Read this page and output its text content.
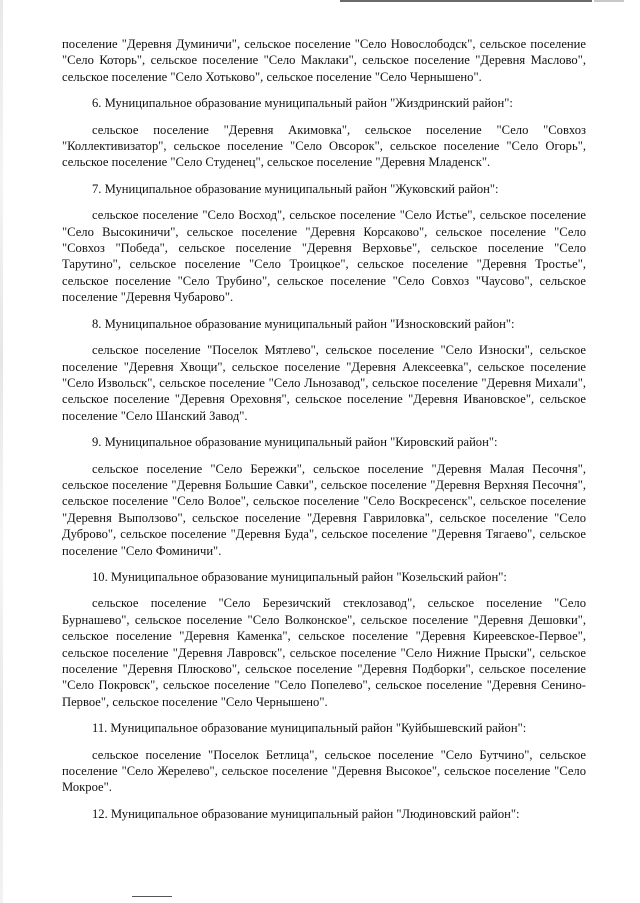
поселение "Деревня Думиничи", сельское поселение "Село Новослободск", сельское поселение "Село Которь", сельское поселение "Село Маклаки", сельское поселение "Деревня Маслово", сельское поселение "Село Хотьково", сельское поселение "Село Чернышено".

6. Муниципальное образование муниципальный район "Жиздринский район":

сельское поселение "Деревня Акимовка", сельское поселение "Село "Совхоз "Коллективизатор", сельское поселение "Село Овсорок", сельское поселение "Село Огорь", сельское поселение "Село Студенец", сельское поселение "Деревня Младенск".

7. Муниципальное образование муниципальный район "Жуковский район":

сельское поселение "Село Восход", сельское поселение "Село Истье", сельское поселение "Село Высокиничи", сельское поселение "Деревня Корсаково", сельское поселение "Село "Совхоз "Победа", сельское поселение "Деревня Верховье", сельское поселение "Село Тарутино", сельское поселение "Село Троицкое", сельское поселение "Деревня Тростье", сельское поселение "Село Трубино", сельское поселение "Село Совхоз "Чаусово", сельское поселение "Деревня Чубарово".

8. Муниципальное образование муниципальный район "Износковский район":

сельское поселение "Поселок Мятлево", сельское поселение "Село Износки", сельское поселение "Деревня Хвощи", сельское поселение "Деревня Алексеевка", сельское поселение "Село Извольск", сельское поселение "Село Льнозавод", сельское поселение "Деревня Михали", сельское поселение "Деревня Ореховня", сельское поселение "Деревня Ивановское", сельское поселение "Село Шанский Завод".

9. Муниципальное образование муниципальный район "Кировский район":

сельское поселение "Село Бережки", сельское поселение "Деревня Малая Песочня", сельское поселение "Деревня Большие Савки", сельское поселение "Деревня Верхняя Песочня", сельское поселение "Село Волое", сельское поселение "Село Воскресенск", сельское поселение "Деревня Выползово", сельское поселение "Деревня Гавриловка", сельское поселение "Село Дуброво", сельское поселение "Деревня Буда", сельское поселение "Деревня Тягаево", сельское поселение "Село Фоминичи".

10. Муниципальное образование муниципальный район "Козельский район":

сельское поселение "Село Березичский стеклозавод", сельское поселение "Село Бурнашево", сельское поселение "Село Волконское", сельское поселение "Деревня Дешовки", сельское поселение "Деревня Каменка", сельское поселение "Деревня Киреевское-Первое", сельское поселение "Деревня Лавровск", сельское поселение "Село Нижние Прыски", сельское поселение "Деревня Плюсково", сельское поселение "Деревня Подборки", сельское поселение "Село Покровск", сельское поселение "Село Попелево", сельское поселение "Деревня Сенино-Первое", сельское поселение "Село Чернышено".

11. Муниципальное образование муниципальный район "Куйбышевский район":

сельское поселение "Поселок Бетлица", сельское поселение "Село Бутчино", сельское поселение "Село Жерелево", сельское поселение "Деревня Высокое", сельское поселение "Село Мокрое".

12. Муниципальное образование муниципальный район "Людиновский район":
